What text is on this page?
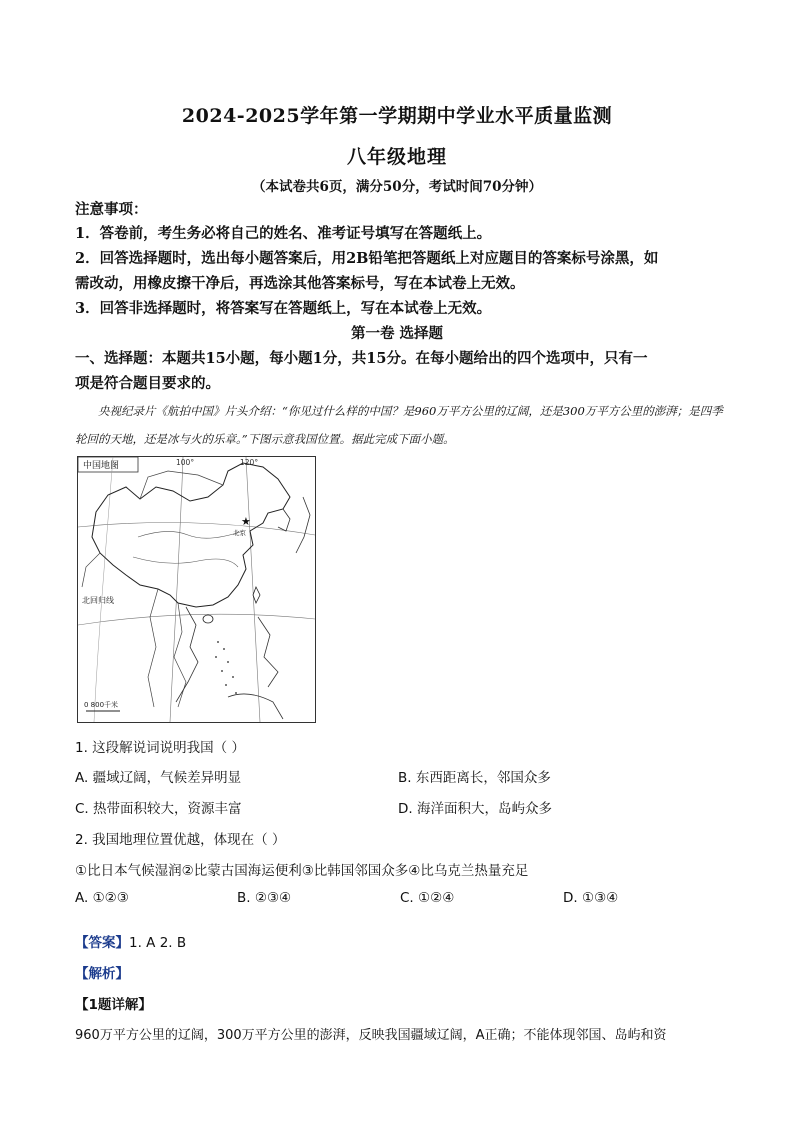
2024-2025学年第一学期期中学业水平质量监测
八年级地理
（本试卷共6页，满分50分，考试时间70分钟）
注意事项：
1．答卷前，考生务必将自己的姓名、准考证号填写在答题纸上。
2．回答选择题时，选出每小题答案后，用2B铅笔把答题纸上对应题目的答案标号涂黑，如
需改动，用橡皮擦干净后，再选涂其他答案标号，写在本试卷上无效。
3．回答非选择题时，将答案写在答题纸上，写在本试卷上无效。
第一卷 选择题
一、选择题：本题共15小题，每小题1分，共15分。在每小题给出的四个选项中，只有一
项是符合题目要求的。
央视纪录片《航拍中国》片头介绍：“你见过什么样的中国？是960万平方公里的辽阔，还是300万平方公里的澎湃；是四季轮回的天地，还是冰与火的乐章。”下图示意我国位置。据此完成下面小题。
中国地图	100°	120°
★
北京
北回归线
0 800千米
1. 这段解说词说明我国（ ）
A. 疆域辽阔，气候差异明显	B. 东西距离长，邻国众多
C. 热带面积较大，资源丰富	D. 海洋面积大，岛屿众多
2. 我国地理位置优越，体现在（ ）
①比日本气候湿润②比蒙古国海运便利③比韩国邻国众多④比乌克兰热量充足
A. ①②③	B. ②③④	C. ①②④	D. ①③④
【答案】1. A 2. B
【解析】
【1题详解】
960万平方公里的辽阔，300万平方公里的澎湃，反映我国疆域辽阔，A正确；不能体现邻国、岛屿和资
